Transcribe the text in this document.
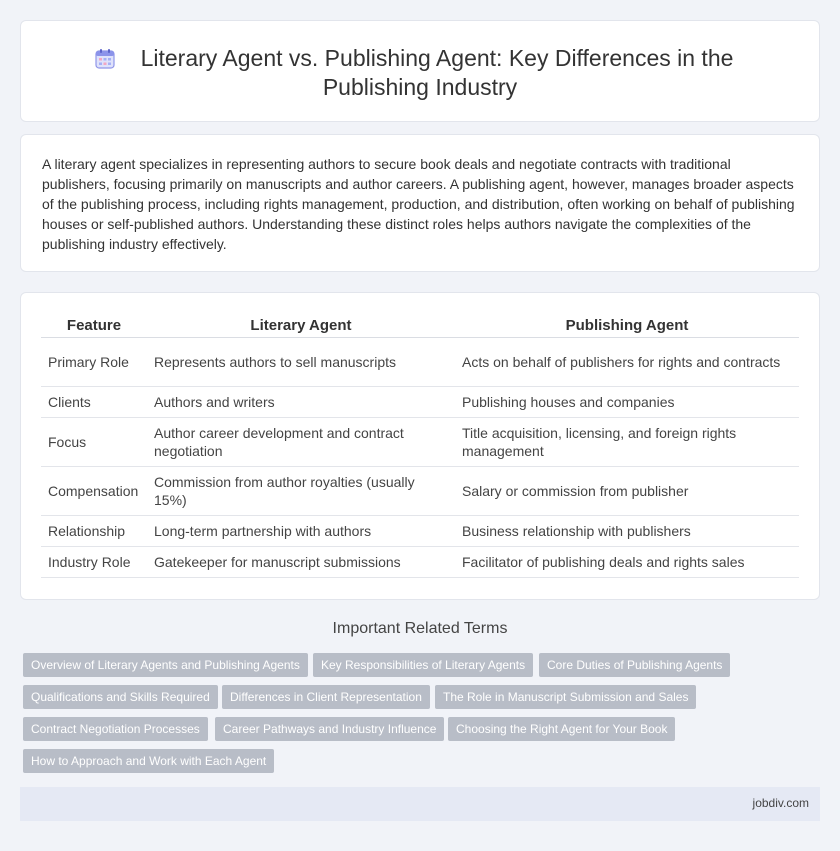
Literary Agent vs. Publishing Agent: Key Differences in the
Publishing Industry

A literary agent specializes in representing authors to secure book deals and negotiate contracts with traditional publishers, focusing primarily on manuscripts and author careers. A publishing agent, however, manages broader aspects of the publishing process, including rights management, production, and distribution, often working on behalf of publishing houses or self-published authors. Understanding these distinct roles helps authors navigate the complexities of the publishing industry effectively.

Feature	Literary Agent	Publishing Agent
Primary Role	Represents authors to sell manuscripts	Acts on behalf of publishers for rights and contracts
Clients	Authors and writers	Publishing houses and companies
Focus	Author career development and contract negotiation	Title acquisition, licensing, and foreign rights management
Compensation	Commission from author royalties (usually 15%)	Salary or commission from publisher
Relationship	Long-term partnership with authors	Business relationship with publishers
Industry Role	Gatekeeper for manuscript submissions	Facilitator of publishing deals and rights sales
Important Related Terms
Overview of Literary Agents and Publishing Agents	Key Responsibilities of Literary Agents	Core Duties of Publishing Agents
Qualifications and Skills Required	Differences in Client Representation	The Role in Manuscript Submission and Sales
Contract Negotiation Processes	Career Pathways and Industry Influence	Choosing the Right Agent for Your Book
How to Approach and Work with Each Agent
jobdiv.com
